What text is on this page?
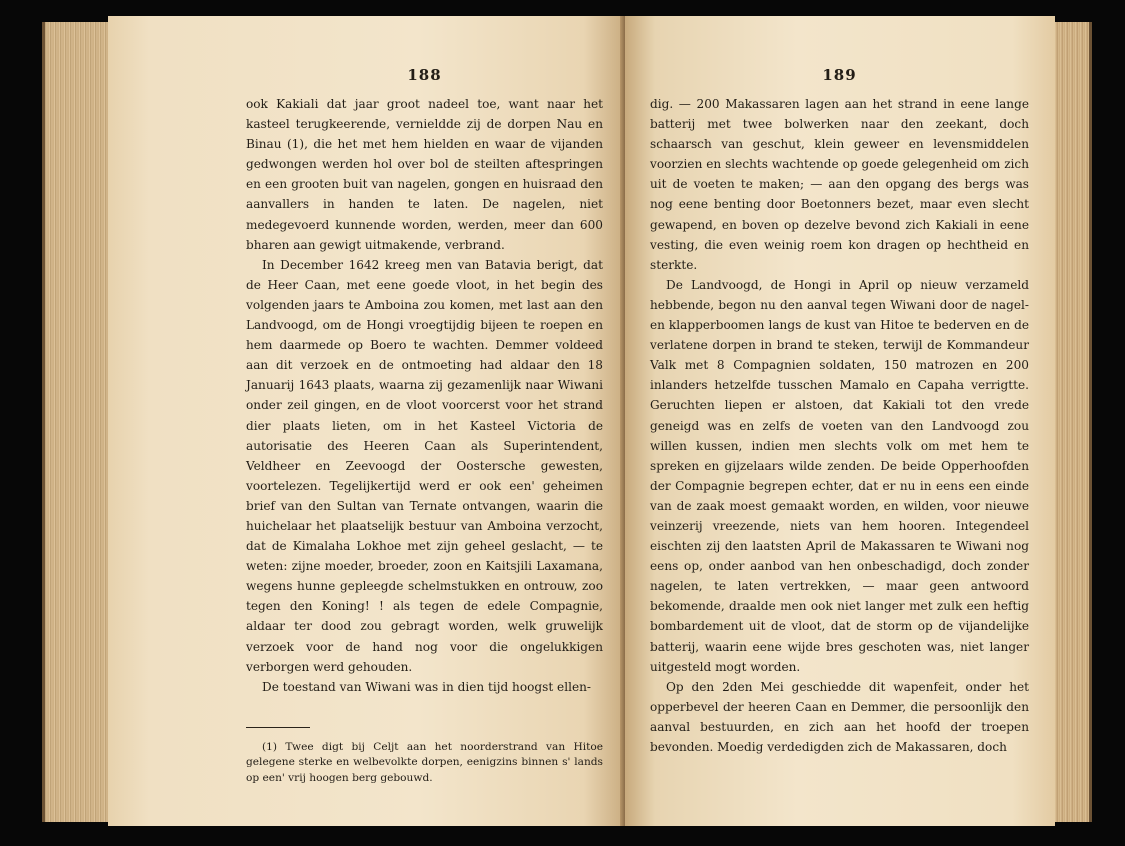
188

ook Kakiali dat jaar groot nadeel toe, want naar het kasteel terugkeerende, vernieldde zij de dorpen Nau en Binau (1), die het met hem hielden en waar de vijanden gedwongen werden hol over bol de steilten aftespringen en een grooten buit van nagelen, gongen en huisraad den aanvallers in handen te laten. De nagelen, niet medegevoerd kunnende worden, werden, meer dan 600 bharen aan gewigt uitmakende, verbrand.

In December 1642 kreeg men van Batavia berigt, dat de Heer Caan, met eene goede vloot, in het begin des volgenden jaars te Amboina zou komen, met last aan den Landvoogd, om de Hongi vroegtijdig bijeen te roepen en hem daarmede op Boero te wachten. Demmer voldeed aan dit verzoek en de ontmoeting had aldaar den 18 Januarij 1643 plaats, waarna zij gezamenlijk naar Wiwani onder zeil gingen, en de vloot voorcerst voor het strand dier plaats lieten, om in het Kasteel Victoria de autorisatie des Heeren Caan als Superintendent, Veldheer en Zeevoogd der Oostersche gewesten, voortelezen. Tegelijkertijd werd er ook een' geheimen brief van den Sultan van Ternate ontvangen, waarin die huichelaar het plaatselijk bestuur van Amboina verzocht, dat de Kimalaha Lokhoe met zijn geheel geslacht, — te weten: zijne moeder, broeder, zoon en Kaitsjili Laxamana, wegens hunne gepleegde schelmstukken en ontrouw, zoo tegen den Koning! ! als tegen de edele Compagnie, aldaar ter dood zou gebragt worden, welk gruwelijk verzoek voor de hand nog voor die ongelukkigen verborgen werd gehouden.

De toestand van Wiwani was in dien tijd hoogst ellen-

(1) Twee digt bij Celjt aan het noorderstrand van Hitoe gelegene sterke en welbevolkte dorpen, eenigzins binnen s' lands op een' vrij hoogen berg gebouwd.

189

dig. — 200 Makassaren lagen aan het strand in eene lange batterij met twee bolwerken naar den zeekant, doch schaarsch van geschut, klein geweer en levensmiddelen voorzien en slechts wachtende op goede gelegenheid om zich uit de voeten te maken; — aan den opgang des bergs was nog eene benting door Boetonners bezet, maar even slecht gewapend, en boven op dezelve bevond zich Kakiali in eene vesting, die even weinig roem kon dragen op hechtheid en sterkte.

De Landvoogd, de Hongi in April op nieuw verzameld hebbende, begon nu den aanval tegen Wiwani door de nagel- en klapperboomen langs de kust van Hitoe te bederven en de verlatene dorpen in brand te steken, terwijl de Kommandeur Valk met 8 Compagnien soldaten, 150 matrozen en 200 inlanders hetzelfde tusschen Mamalo en Capaha verrigtte. Geruchten liepen er alstoen, dat Kakiali tot den vrede geneigd was en zelfs de voeten van den Landvoogd zou willen kussen, indien men slechts volk om met hem te spreken en gijzelaars wilde zenden. De beide Opperhoofden der Compagnie begrepen echter, dat er nu in eens een einde van de zaak moest gemaakt worden, en wilden, voor nieuwe veinzerij vreezende, niets van hem hooren. Integendeel eischten zij den laatsten April de Makassaren te Wiwani nog eens op, onder aanbod van hen onbeschadigd, doch zonder nagelen, te laten vertrekken, — maar geen antwoord bekomende, draalde men ook niet langer met zulk een heftig bombardement uit de vloot, dat de storm op de vijandelijke batterij, waarin eene wijde bres geschoten was, niet langer uitgesteld mogt worden.

Op den 2den Mei geschiedde dit wapenfeit, onder het opperbevel der heeren Caan en Demmer, die persoonlijk den aanval bestuurden, en zich aan het hoofd der troepen bevonden. Moedig verdedigden zich de Makassaren, doch
